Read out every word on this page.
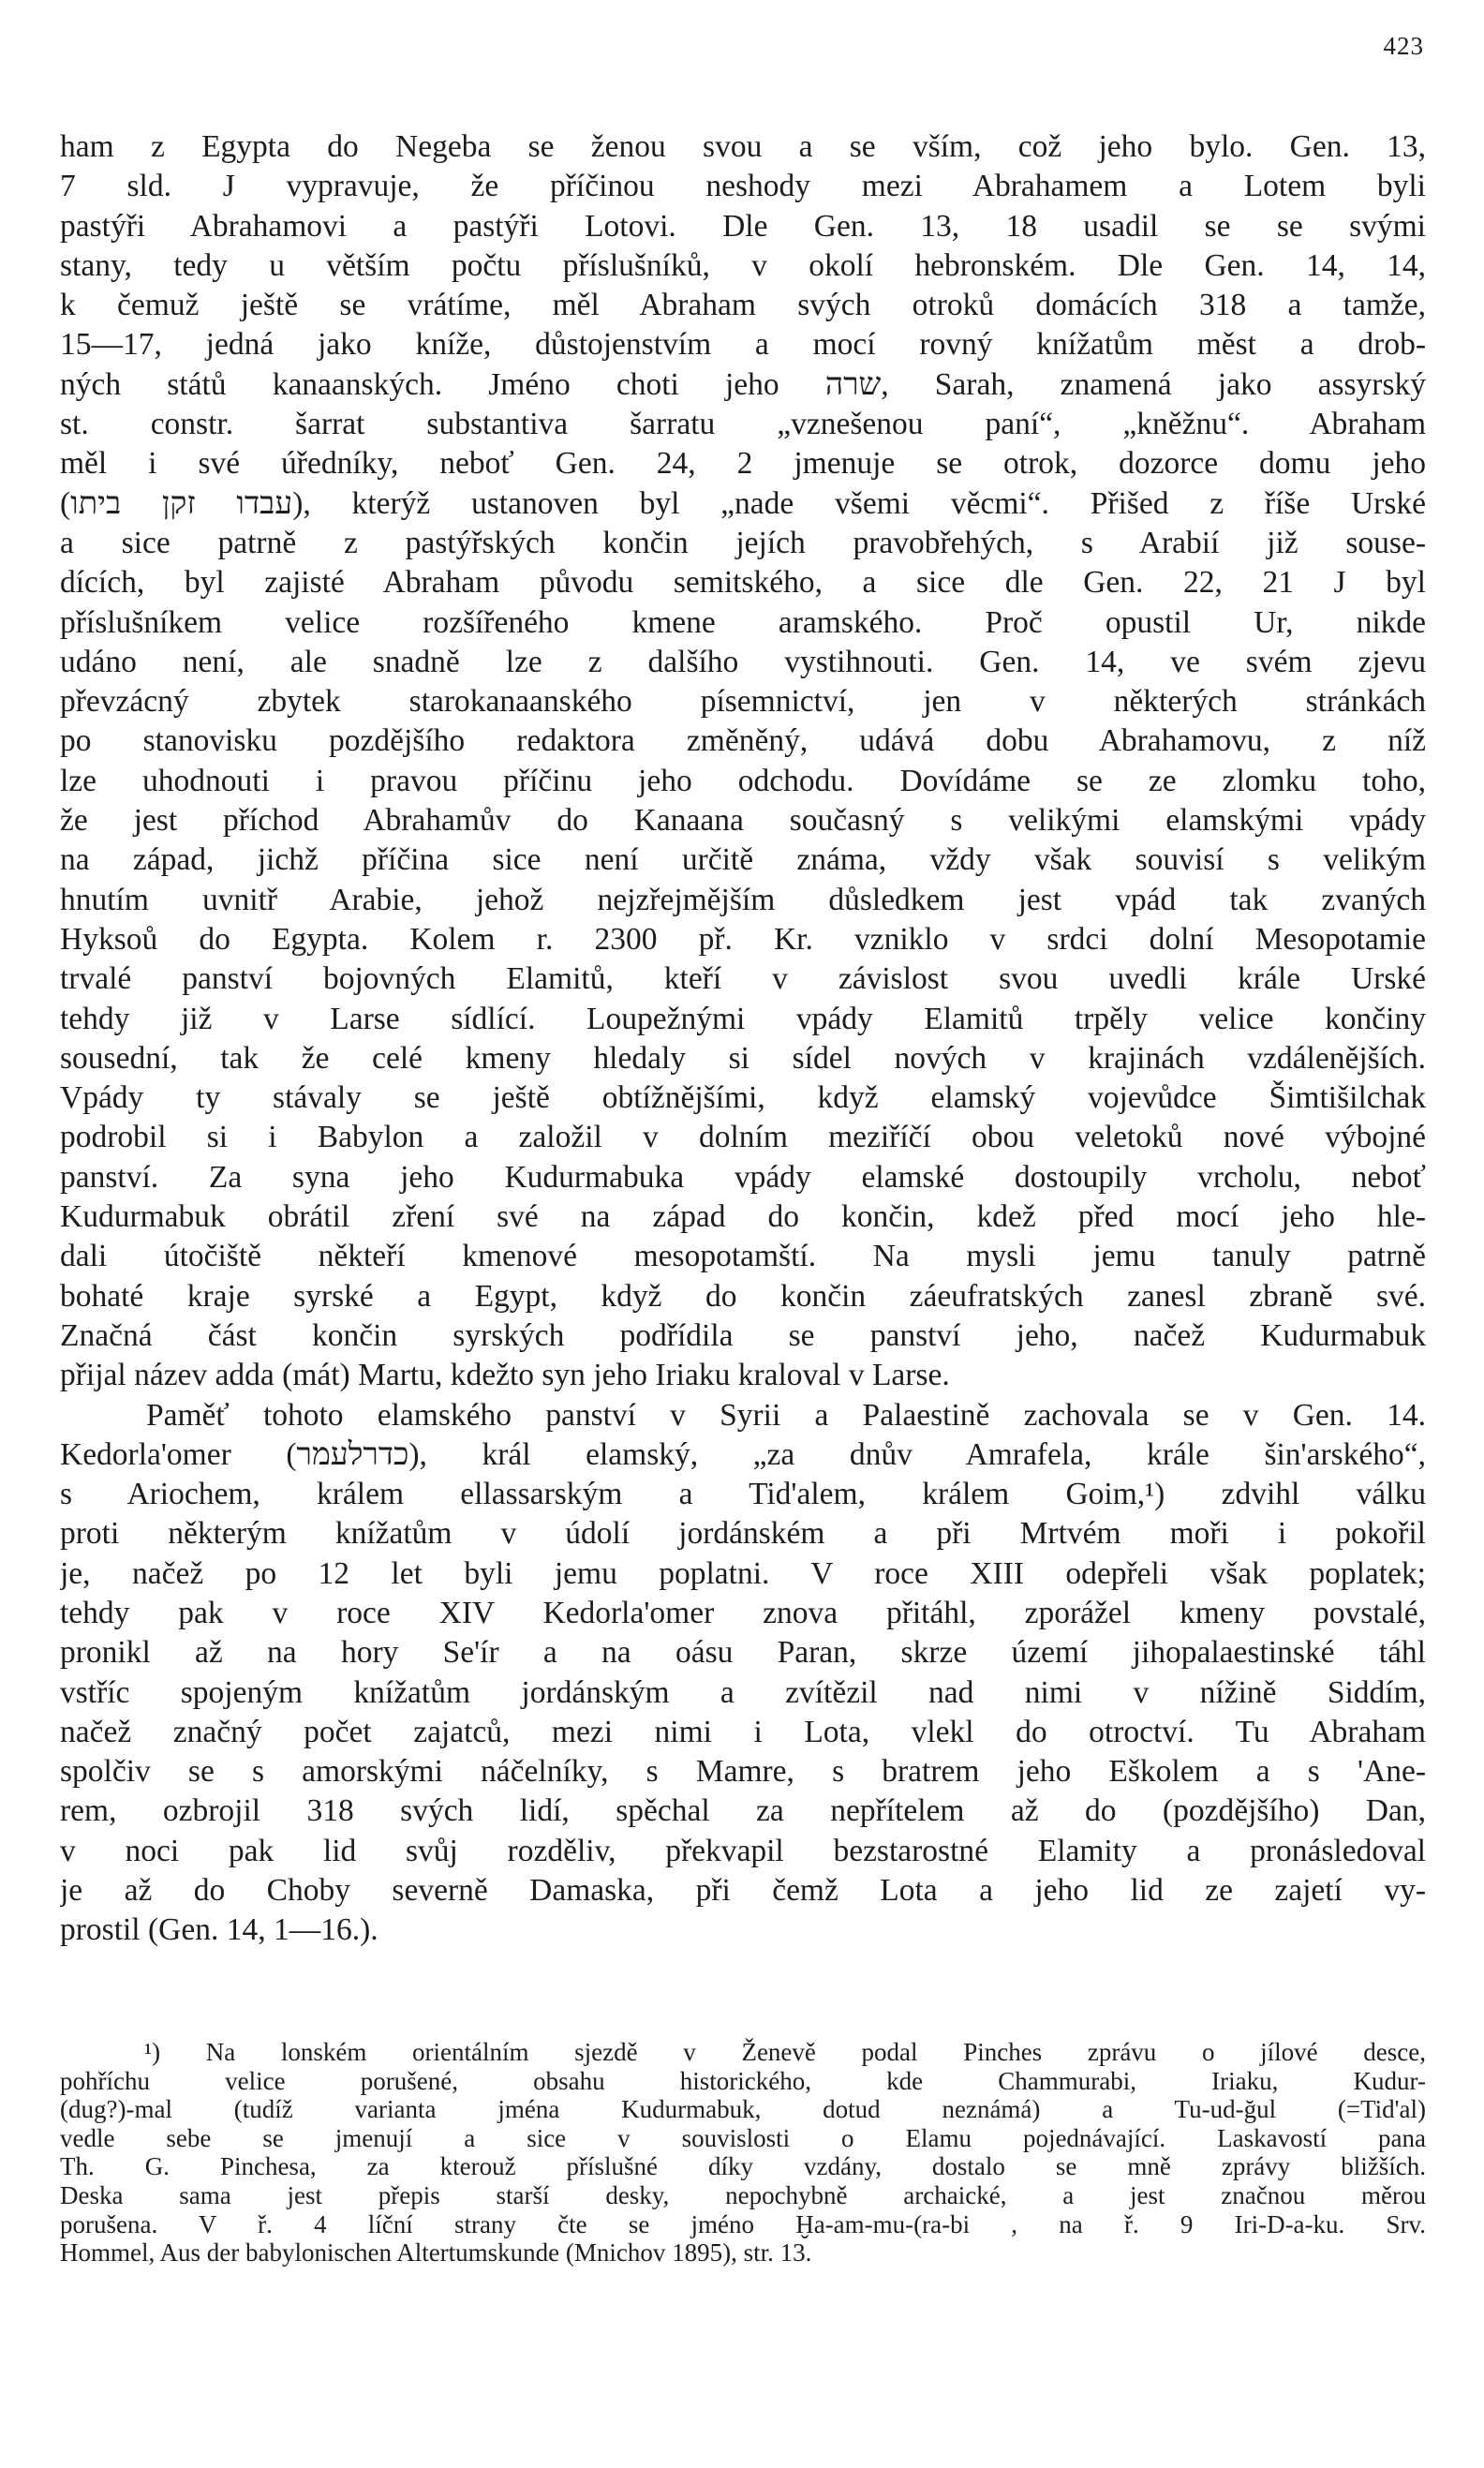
423
ham z Egypta do Negeba se ženou svou a se vším, což jeho bylo. Gen. 13,
7 sld. J vypravuje, že příčinou neshody mezi Abrahamem a Lotem byli
pastýři Abrahamovi a pastýři Lotovi. Dle Gen. 13, 18 usadil se se svými
stany, tedy u větším počtu příslušníků, v okolí hebronském. Dle Gen. 14, 14,
k čemuž ještě se vrátíme, měl Abraham svých otroků domácích 318 a tamže,
15—17, jedná jako kníže, důstojenstvím a mocí rovný knížatům měst a drob-
ných států kanaanských. Jméno choti jeho שרה, Sarah, znamená jako assyrský
st. constr. šarrat substantiva šarratu „vznešenou paní“, „kněžnu“. Abraham
měl i své úředníky, neboť Gen. 24, 2 jmenuje se otrok, dozorce domu jeho
(עבדו זקן ביתו), kterýž ustanoven byl „nade všemi věcmi“. Přišed z říše Urské
a sice patrně z pastýřských končin jejích pravobřehých, s Arabií již souse-
dících, byl zajisté Abraham původu semitského, a sice dle Gen. 22, 21 J byl
příslušníkem velice rozšířeného kmene aramského. Proč opustil Ur, nikde
udáno není, ale snadně lze z dalšího vystihnouti. Gen. 14, ve svém zjevu
převzácný zbytek starokanaanského písemnictví, jen v některých stránkách
po stanovisku pozdějšího redaktora změněný, udává dobu Abrahamovu, z níž
lze uhodnouti i pravou příčinu jeho odchodu. Dovídáme se ze zlomku toho,
že jest příchod Abrahamův do Kanaana současný s velikými elamskými vpády
na západ, jichž příčina sice není určitě známa, vždy však souvisí s velikým
hnutím uvnitř Arabie, jehož nejzřejmějším důsledkem jest vpád tak zvaných
Hyksoů do Egypta. Kolem r. 2300 př. Kr. vzniklo v srdci dolní Mesopotamie
trvalé panství bojovných Elamitů, kteří v závislost svou uvedli krále Urské
tehdy již v Larse sídlící. Loupežnými vpády Elamitů trpěly velice končiny
sousední, tak že celé kmeny hledaly si sídel nových v krajinách vzdálenějších.
Vpády ty stávaly se ještě obtížnějšími, když elamský vojevůdce Šimtišilchak
podrobil si i Babylon a založil v dolním meziříčí obou veletoků nové výbojné
panství. Za syna jeho Kudurmabuka vpády elamské dostoupily vrcholu, neboť
Kudurmabuk obrátil zření své na západ do končin, kdež před mocí jeho hle-
dali útočiště někteří kmenové mesopotamští. Na mysli jemu tanuly patrně
bohaté kraje syrské a Egypt, když do končin záeufratských zanesl zbraně své.
Značná část končin syrských podřídila se panství jeho, načež Kudurmabuk
přijal název adda (mát) Martu, kdežto syn jeho Iriaku kraloval v Larse.
Paměť tohoto elamského panství v Syrii a Palaestině zachovala se v Gen. 14.
Kedorla'omer (כדרלעמר), král elamský, „za dnův Amrafela, krále šin'arského“,
s Ariochem, králem ellassarským a Tid'alem, králem Goim,¹) zdvihl válku
proti některým knížatům v údolí jordánském a při Mrtvém moři i pokořil
je, načež po 12 let byli jemu poplatni. V roce XIII odepřeli však poplatek;
tehdy pak v roce XIV Kedorla'omer znova přitáhl, zporážel kmeny povstalé,
pronikl až na hory Se'ír a na oásu Paran, skrze území jihopalaestinské táhl
vstříc spojeným knížatům jordánským a zvítězil nad nimi v nížině Siddím,
načež značný počet zajatců, mezi nimi i Lota, vlekl do otroctví. Tu Abraham
spolčiv se s amorskými náčelníky, s Mamre, s bratrem jeho Eškolem a s 'Ane-
rem, ozbrojil 318 svých lidí, spěchal za nepřítelem až do (pozdějšího) Dan,
v noci pak lid svůj rozděliv, překvapil bezstarostné Elamity a pronásledoval
je až do Choby severně Damaska, při čemž Lota a jeho lid ze zajetí vy-
prostil (Gen. 14, 1—16.).
¹) Na lonském orientálním sjezdě v Ženevě podal Pinches zprávu o jílové desce,
pohříchu velice porušené, obsahu historického, kde Chammurabi, Iriaku, Kudur-
(dug?)-mal (tudíž varianta jména Kudurmabuk, dotud neznámá) a Tu-ud-ğul (=Tid'al)
vedle sebe se jmenují a sice v souvislosti o Elamu pojednávající. Laskavostí pana
Th. G. Pinchesa, za kterouž příslušné díky vzdány, dostalo se mně zprávy bližších.
Deska sama jest přepis starší desky, nepochybně archaické, a jest značnou měrou
porušena. V ř. 4 líční strany čte se jméno Ḫa-am-mu-(ra-bi , na ř. 9 Iri-D-a-ku. Srv.
Hommel, Aus der babylonischen Altertumskunde (Mnichov 1895), str. 13.
